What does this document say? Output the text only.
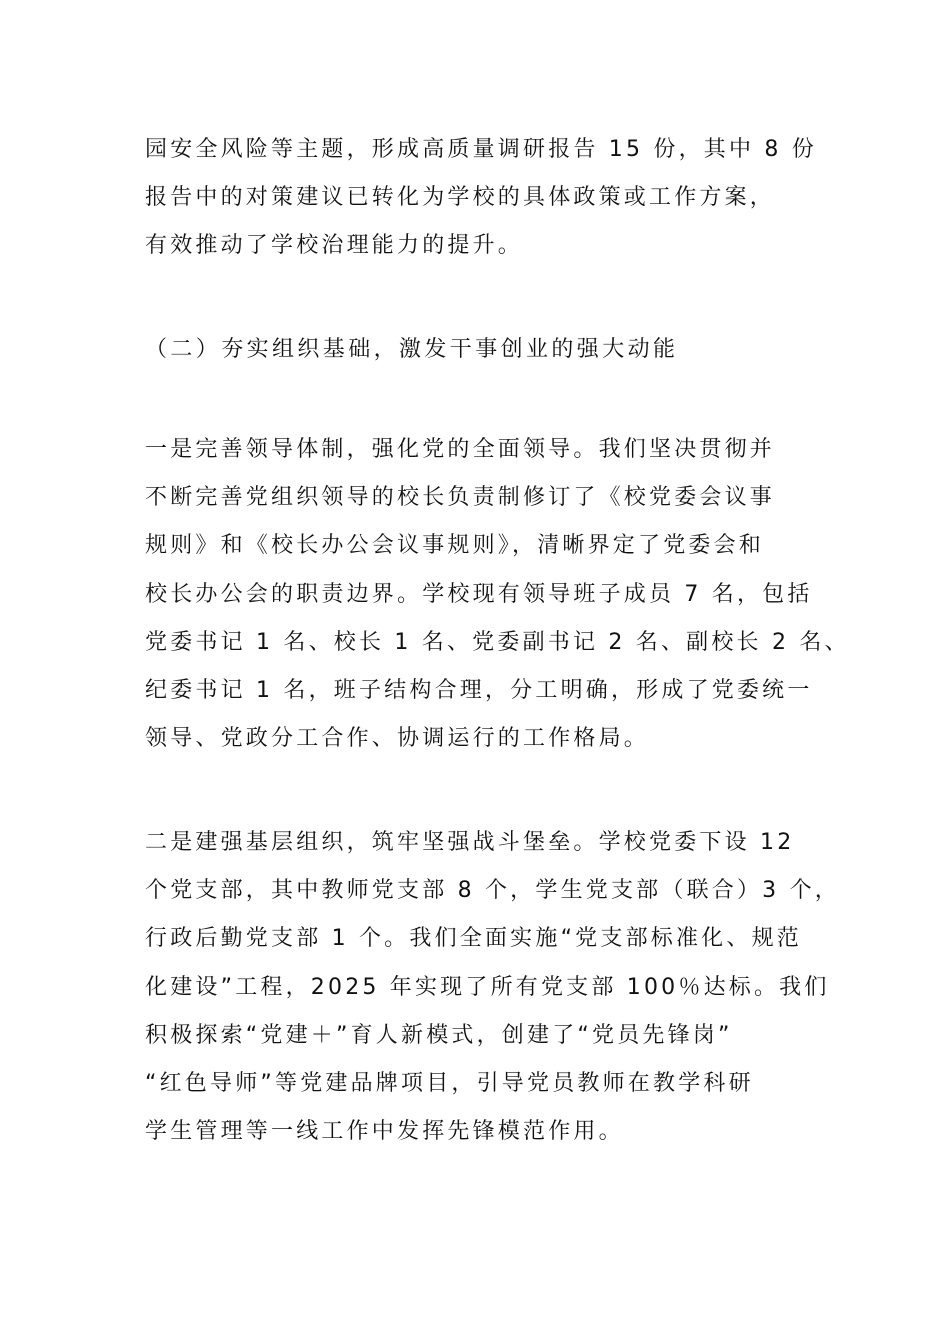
园安全风险等主题，形成高质量调研报告 15 份，其中 8 份
报告中的对策建议已转化为学校的具体政策或工作方案，
有效推动了学校治理能力的提升。
（二）夯实组织基础，激发干事创业的强大动能
一是完善领导体制，强化党的全面领导。我们坚决贯彻并
不断完善党组织领导的校长负责制修订了《校党委会议事
规则》和《校长办公会议事规则》，清晰界定了党委会和
校长办公会的职责边界。学校现有领导班子成员 7 名，包括
党委书记 1 名、校长 1 名、党委副书记 2 名、副校长 2 名、
纪委书记 1 名，班子结构合理，分工明确，形成了党委统一
领导、党政分工合作、协调运行的工作格局。
二是建强基层组织，筑牢坚强战斗堡垒。学校党委下设 12
个党支部，其中教师党支部 8 个，学生党支部（联合）3 个，
行政后勤党支部 1 个。我们全面实施“党支部标准化、规范
化建设”工程，2025 年实现了所有党支部 100％达标。我们
积极探索“党建＋”育人新模式，创建了“党员先锋岗”
“红色导师”等党建品牌项目，引导党员教师在教学科研
学生管理等一线工作中发挥先锋模范作用。
